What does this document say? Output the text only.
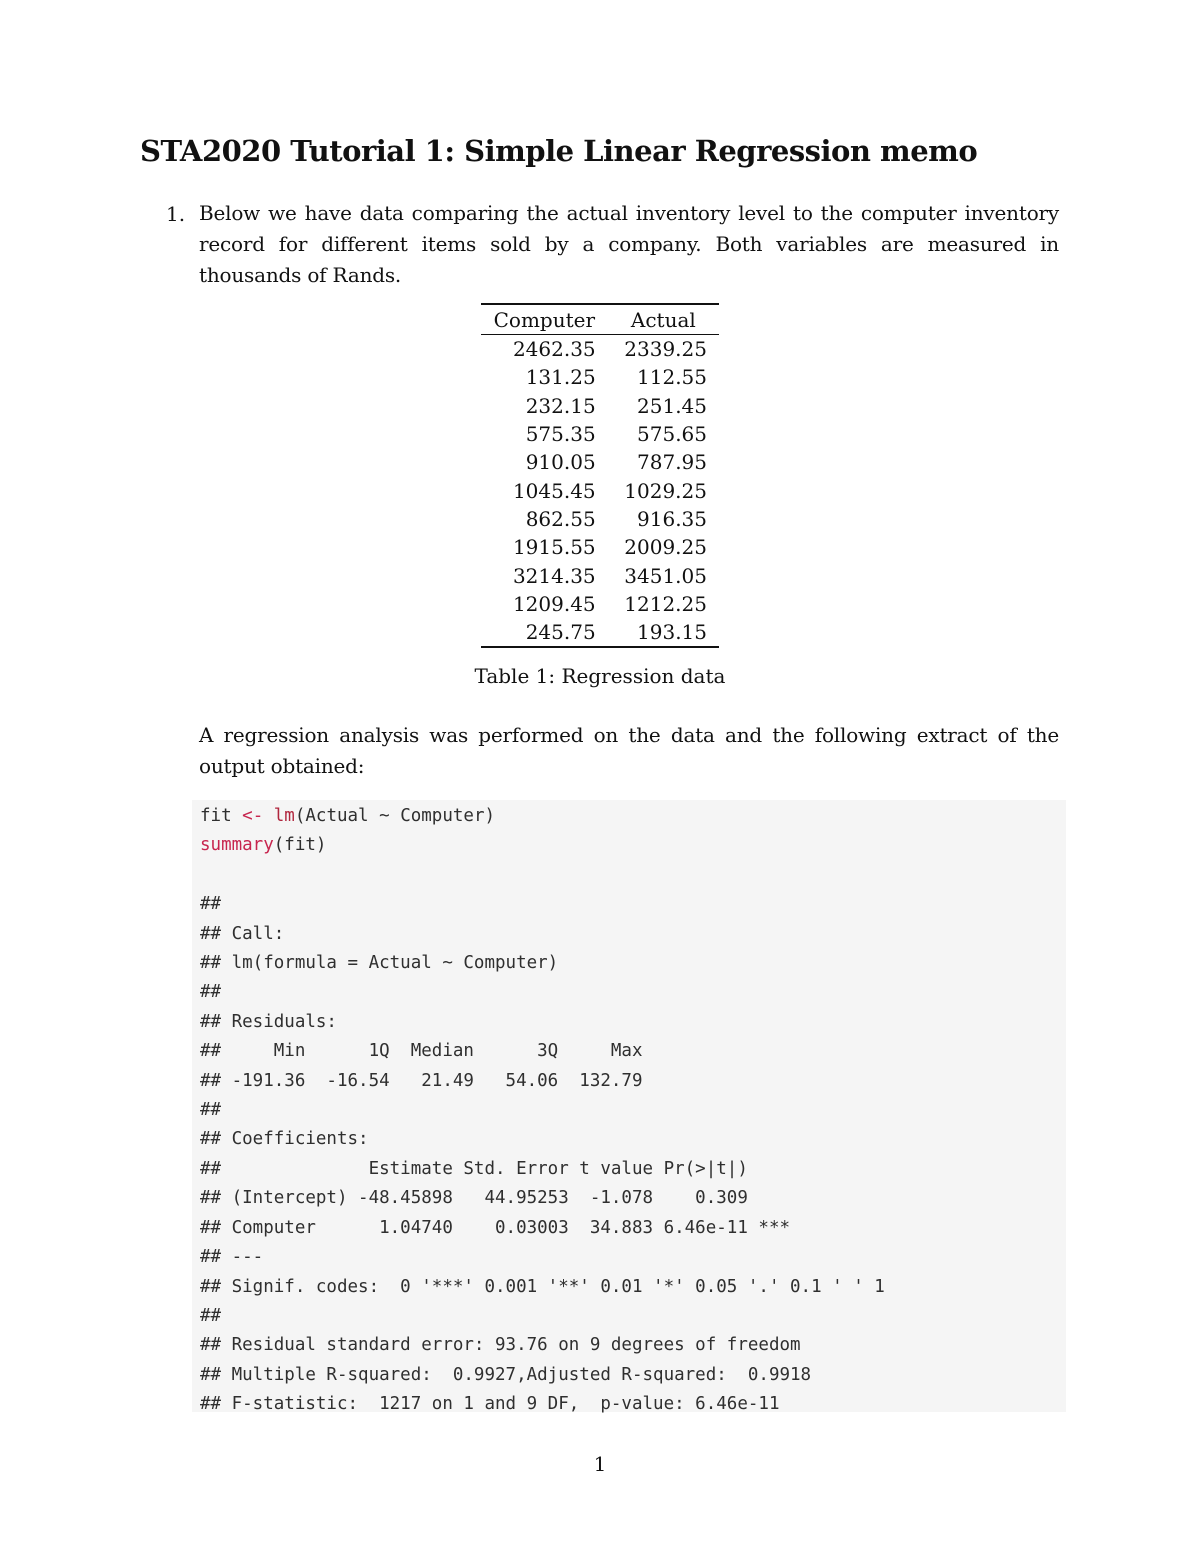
STA2020 Tutorial 1: Simple Linear Regression memo
1. Below we have data comparing the actual inventory level to the computer inventory record for different items sold by a company. Both variables are measured in thousands of Rands.

Computer	Actual
2462.35	2339.25
131.25	112.55
232.15	251.45
575.35	575.65
910.05	787.95
1045.45	1029.25
862.55	916.35
1915.55	2009.25
3214.35	3451.05
1209.45	1212.25
245.75	193.15
Table 1: Regression data

A regression analysis was performed on the data and the following extract of the output obtained:

fit <- lm(Actual ~ Computer)
summary(fit)

##
## Call:
## lm(formula = Actual ~ Computer)
##
## Residuals:
##     Min      1Q  Median      3Q     Max
## -191.36  -16.54   21.49   54.06  132.79
##
## Coefficients:
##              Estimate Std. Error t value Pr(>|t|)
## (Intercept) -48.45898   44.95253  -1.078    0.309
## Computer      1.04740    0.03003  34.883 6.46e-11 ***
## ---
## Signif. codes:  0 '***' 0.001 '**' 0.01 '*' 0.05 '.' 0.1 ' ' 1
##
## Residual standard error: 93.76 on 9 degrees of freedom
## Multiple R-squared:  0.9927,Adjusted R-squared:  0.9918
## F-statistic:  1217 on 1 and 9 DF,  p-value: 6.46e-11
1
